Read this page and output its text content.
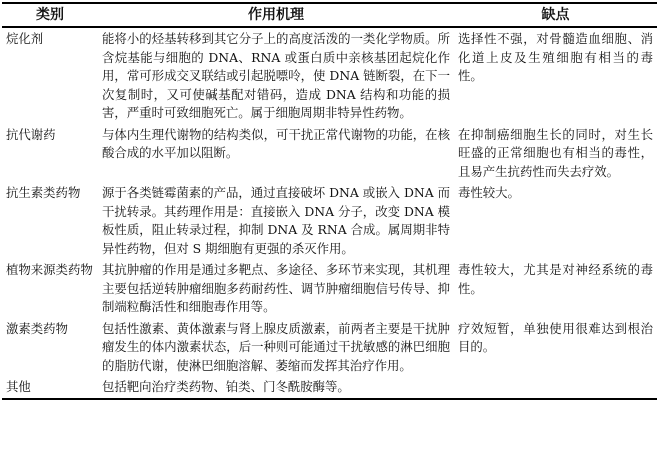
类别	作用机理	缺点
烷化剂	能将小的烃基转移到其它分子上的高度活泼的一类化学物质。所含烷基能与细胞的 DNA、RNA 或蛋白质中亲核基团起烷化作用，常可形成交叉联结或引起脱嘌呤，使 DNA 链断裂，在下一次复制时，又可使碱基配对错码，造成 DNA 结构和功能的损害，严重时可致细胞死亡。属于细胞周期非特异性药物。	选择性不强，对骨髓造血细胞、消化道上皮及生殖细胞有相当的毒性。
抗代谢药	与体内生理代谢物的结构类似，可干扰正常代谢物的功能，在核酸合成的水平加以阻断。	在抑制癌细胞生长的同时，对生长旺盛的正常细胞也有相当的毒性，且易产生抗药性而失去疗效。
抗生素类药物	源于各类链霉菌素的产品，通过直接破坏 DNA 或嵌入 DNA 而干扰转录。其药理作用是：直接嵌入 DNA 分子，改变 DNA 模板性质，阻止转录过程，抑制 DNA 及 RNA 合成。属周期非特异性药物，但对 S 期细胞有更强的杀灭作用。	毒性较大。
植物来源类药物	其抗肿瘤的作用是通过多靶点、多途径、多环节来实现，其机理主要包括逆转肿瘤细胞多药耐药性、调节肿瘤细胞信号传导、抑制端粒酶活性和细胞毒作用等。	毒性较大，尤其是对神经系统的毒性。
激素类药物	包括性激素、黄体激素与肾上腺皮质激素，前两者主要是干扰肿瘤发生的体内激素状态，后一种则可能通过干扰敏感的淋巴细胞的脂肪代谢，使淋巴细胞溶解、萎缩而发挥其治疗作用。	疗效短暂，单独使用很难达到根治目的。
其他	包括靶向治疗类药物、铂类、门冬酰胺酶等。	
